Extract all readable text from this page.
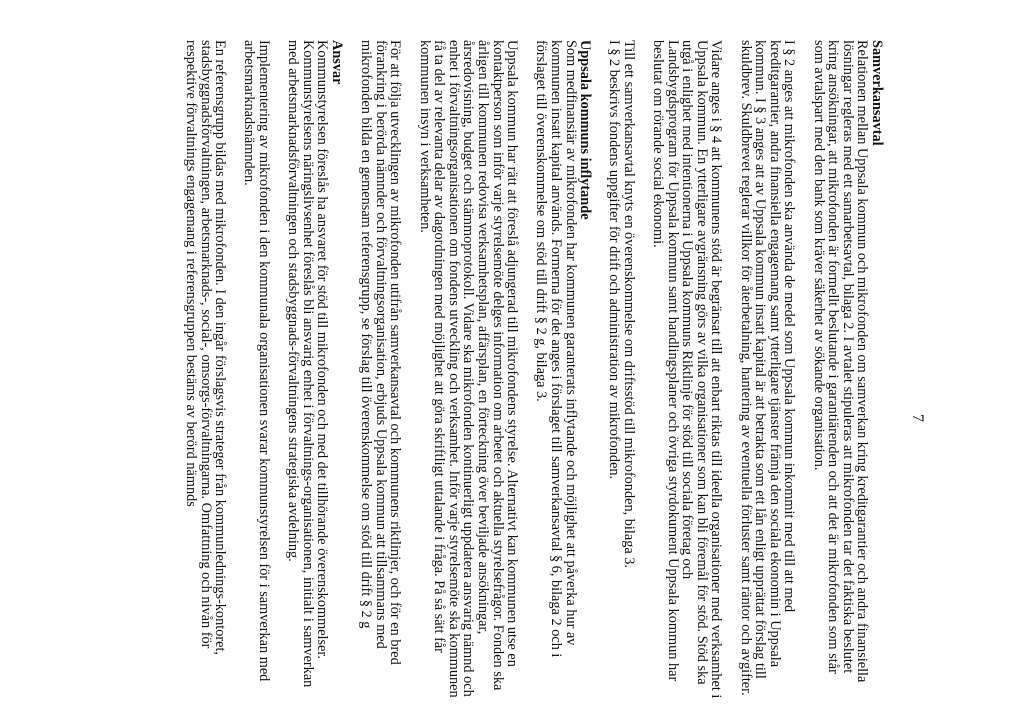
7

Samverkansavtal
Relationen mellan Uppsala kommun och mikrofonden om samverkan kring kreditgarantier och andra finansiella lösningar regleras med ett samarbetsavtal, bilaga 2. I avtalet stipuleras att mikrofonden tar det faktiska beslutet kring ansökningar, att mikrofonden är formellt beslutande i garantiärenden och att det är mikrofonden som står som avtalspart med den bank som kräver säkerhet av sökande organisation.

I § 2 anges att mikrofonden ska använda de medel som Uppsala kommun inkommit med till att med kreditgarantier, andra finansiella engagemang samt ytterligare tjänster främja den sociala ekonomin i Uppsala kommun. I § 3 anges att av Uppsala kommun insatt kapital är att betrakta som ett lån enligt upprättat förslag till skuldbrev. Skuldbrevet reglerar villkor för återbetalning, hantering av eventuella förluster samt räntor och avgifter.

Vidare anges i § 4 att kommunens stöd är begränsat till att enbart riktas till ideella organisationer med verksamhet i Uppsala kommun. En ytterligare avgränsning görs av vilka organisationer som kan bli föremål för stöd. Stöd ska utgå i enlighet med intentionerna i Uppsala kommuns Riktlinje för stöd till sociala företag och Landsbygdsprogram för Uppsala kommun samt handlingsplaner och övriga styrdokument Uppsala kommun har beslutat om rörande social ekonomi.

Till ett samverkansavtal knyts en överenskommelse om driftsstöd till mikrofonden, bilaga 3.

I § 2 beskrivs fondens uppgifter för drift och administration av mikrofonden.

Uppsala kommuns inflytande
Som medfinansiär av mikrofonden har kommunen garanterats inflytande och möjlighet att påverka hur av kommunen insatt kapital används. Formerna för det anges i förslaget till samverkansavtal § 6, bilaga 2 och i förslaget till överenskommelse om stöd till drift § 2 g, bilaga 3.

Uppsala kommun har rätt att föreslå adjungerad till mikrofondens styrelse. Alternativt kan kommunen utse en kontaktperson som inför varje styrelsemöte delges information om arbetet och aktuella styrelsefrågor. Fonden ska årligen till kommunen redovisa verksamhetsplan, affärsplan, en förteckning över beviljade ansökningar, årsredovisning, budget och stämmoprotokoll. Vidare ska mikrofonden kontinuerligt uppdatera ansvarig nämnd och enhet i förvaltningsorganisationen om fondens utveckling och verksamhet. Inför varje styrelsemöte ska kommunen få ta del av relevanta delar av dagordningen med möjlighet att göra skriftligt uttalande i fråga. På så sätt får kommunen insyn i verksamheten.

För att följa utvecklingen av mikrofonden utifrån samverkansavtal och kommunens riktlinjer, och för en bred förankring i berörda nämnder och förvaltningsorganisation, erbjuds Uppsala kommun att tillsammans med mikrofonden bilda en gemensam referensgrupp, se förslag till överenskommelse om stöd till drift § 2 g

Ansvar
Kommunstyrelsen föreslås ha ansvaret för stöd till mikrofonden och med det tillhörande överenskommelser. Kommunstyrelsens näringslivsenhet föreslås bli ansvarig enhet i förvaltnings-organisationen, initialt i samverkan med arbetsmarknadsförvaltningen och stadsbyggnads-förvaltningens strategiska avdelning.

Implementering av mikrofonden i den kommunala organisationen svarar kommunstyrelsen för i samverkan med arbetsmarknadsnämnden.

En referensgrupp bildas med mikrofonden. I den ingår förslagsvis strateger från kommunlednings-kontoret, stadsbyggnadsförvaltningen, arbetsmarknads-, social-, omsorgs-förvaltningarna. Omfattning och nivån för respektive förvaltnings engagemang i referensgruppen bestäms av berörd nämnds
